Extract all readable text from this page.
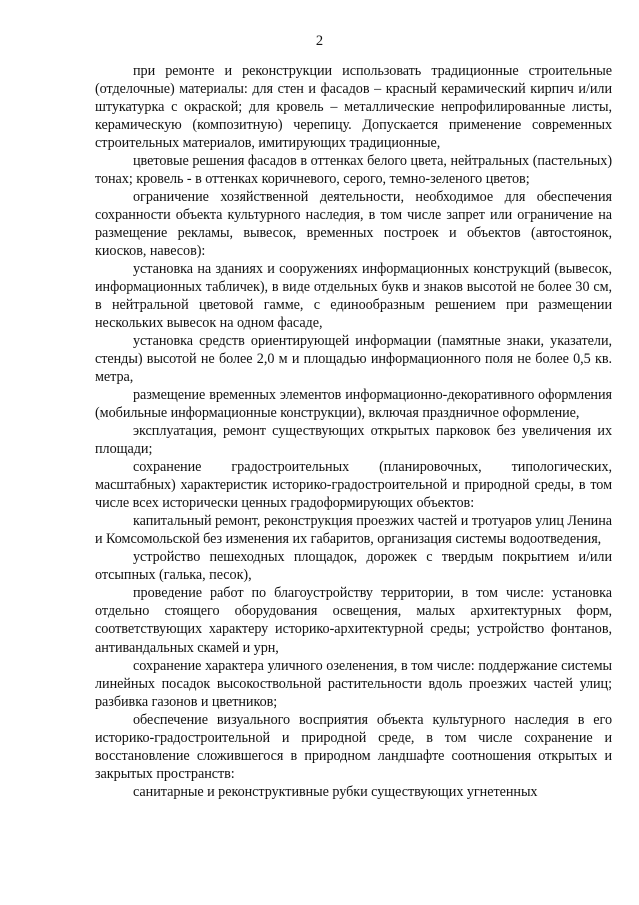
2

при ремонте и реконструкции использовать традиционные строительные (отделочные) материалы: для стен и фасадов – красный керамический кирпич и/или штукатурка с окраской; для кровель – металлические непрофилированные листы, керамическую (композитную) черепицу. Допускается применение современных строительных материалов, имитирующих традиционные,

цветовые решения фасадов в оттенках белого цвета, нейтральных (пастельных) тонах; кровель - в оттенках коричневого, серого, темно-зеленого цветов;

ограничение хозяйственной деятельности, необходимое для обеспечения сохранности объекта культурного наследия, в том числе запрет или ограничение на размещение рекламы, вывесок, временных построек и объектов (автостоянок, киосков, навесов):

установка на зданиях и сооружениях информационных конструкций (вывесок, информационных табличек), в виде отдельных букв и знаков высотой не более 30 см, в нейтральной цветовой гамме, с единообразным решением при размещении нескольких вывесок на одном фасаде,

установка средств ориентирующей информации (памятные знаки, указатели, стенды) высотой не более 2,0 м и площадью информационного поля не более 0,5 кв. метра,

размещение временных элементов информационно-декоративного оформления (мобильные информационные конструкции), включая праздничное оформление,

эксплуатация, ремонт существующих открытых парковок без увеличения их площади;

сохранение градостроительных (планировочных, типологических, масштабных) характеристик историко-градостроительной и природной среды, в том числе всех исторически ценных градоформирующих объектов:

капитальный ремонт, реконструкция проезжих частей и тротуаров улиц Ленина и Комсомольской без изменения их габаритов, организация системы водоотведения,

устройство пешеходных площадок, дорожек с твердым покрытием и/или отсыпных (галька, песок),

проведение работ по благоустройству территории, в том числе: установка отдельно стоящего оборудования освещения, малых архитектурных форм, соответствующих характеру историко-архитектурной среды; устройство фонтанов, антивандальных скамей и урн,

сохранение характера уличного озеленения, в том числе: поддержание системы линейных посадок высокоствольной растительности вдоль проезжих частей улиц; разбивка газонов и цветников;

обеспечение визуального восприятия объекта культурного наследия в его историко-градостроительной и природной среде, в том числе сохранение и восстановление сложившегося в природном ландшафте соотношения открытых и закрытых пространств:

санитарные и реконструктивные рубки существующих угнетенных
